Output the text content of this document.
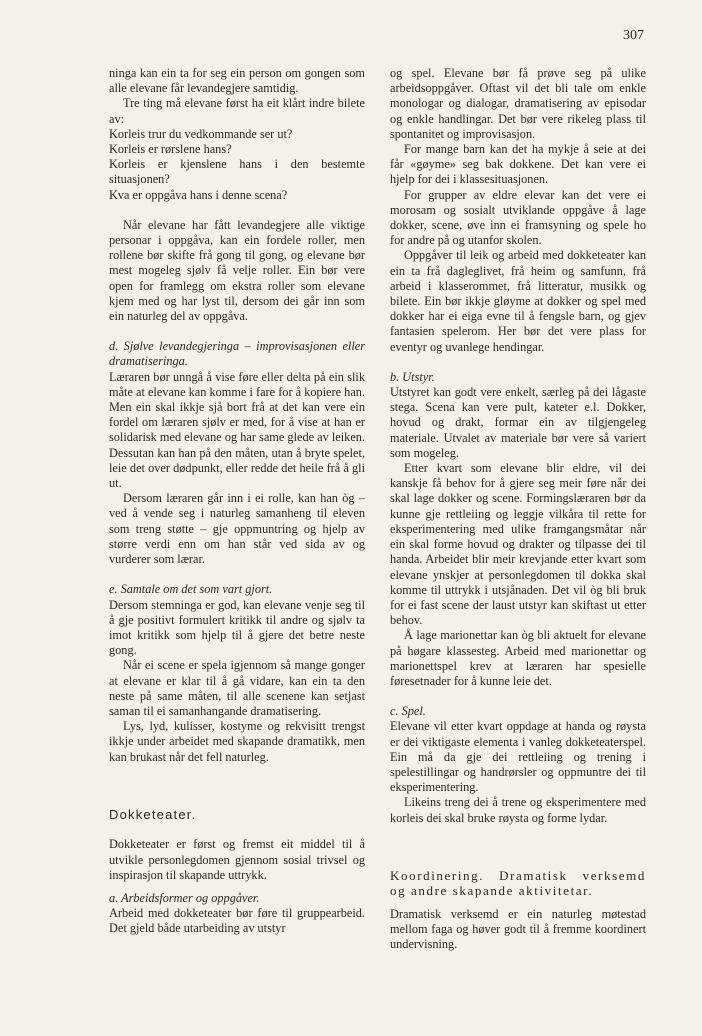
307

ninga kan ein ta for seg ein person om gongen som alle elevane får levandegjere samtidig.

Tre ting må elevane først ha eit klårt indre bilete av:

Korleis trur du vedkommande ser ut?

Korleis er rørslene hans?

Korleis er kjenslene hans i den bestemte situasjonen?

Kva er oppgåva hans i denne scena?

Når elevane har fått levandegjere alle viktige personar i oppgåva, kan ein fordele roller, men rollene bør skifte frå gong til gong, og elevane bør mest mogeleg sjølv få velje roller. Ein bør vere open for framlegg om ekstra roller som elevane kjem med og har lyst til, dersom dei går inn som ein naturleg del av oppgåva.

d. Sjølve levandegjeringa – improvisasjonen eller dramatiseringa.

Læraren bør unngå å vise føre eller delta på ein slik måte at elevane kan komme i fare for å kopiere han. Men ein skal ikkje sjå bort frå at det kan vere ein fordel om læraren sjølv er med, for å vise at han er solidarisk med elevane og har same glede av leiken. Dessutan kan han på den måten, utan å bryte spelet, leie det over dødpunkt, eller redde det heile frå å gli ut.

Dersom læraren går inn i ei rolle, kan han òg – ved å vende seg i naturleg samanheng til eleven som treng støtte – gje oppmuntring og hjelp av større verdi enn om han står ved sida av og vurderer som lærar.

e. Samtale om det som vart gjort.

Dersom stemninga er god, kan elevane venje seg til å gje positivt formulert kritikk til andre og sjølv ta imot kritikk som hjelp til å gjere det betre neste gong.

Når ei scene er spela igjennom så mange gonger at elevane er klar til å gå vidare, kan ein ta den neste på same måten, til alle scenene kan setjast saman til ei samanhangande dramatisering.

Lys, lyd, kulisser, kostyme og rekvisitt trengst ikkje under arbeidet med skapande dramatikk, men kan brukast når det fell naturleg.

Dokketeater.

Dokketeater er først og fremst eit middel til å utvikle personlegdomen gjennom sosial trivsel og inspirasjon til skapande uttrykk.

a. Arbeidsformer og oppgåver.

Arbeid med dokketeater bør føre til gruppearbeid. Det gjeld både utarbeiding av utstyr

og spel. Elevane bør få prøve seg på ulike arbeidsoppgåver. Oftast vil det bli tale om enkle monologar og dialogar, dramatisering av episodar og enkle handlingar. Det bør vere rikeleg plass til spontanitet og improvisasjon.

For mange barn kan det ha mykje å seie at dei får «gøyme» seg bak dokkene. Det kan vere ei hjelp for dei i klassesituasjonen.

For grupper av eldre elevar kan det vere ei morosam og sosialt utviklande oppgåve å lage dokker, scene, øve inn ei framsyning og spele ho for andre på og utanfor skolen.

Oppgåver til leik og arbeid med dokketeater kan ein ta frå dagleglivet, frå heim og samfunn, frå arbeid i klasserommet, frå litteratur, musikk og bilete. Ein bør ikkje gløyme at dokker og spel med dokker har ei eiga evne til å fengsle barn, og gjev fantasien spelerom. Her bør det vere plass for eventyr og uvanlege hendingar.

b. Utstyr.

Utstyret kan godt vere enkelt, særleg på dei lågaste stega. Scena kan vere pult, kateter e.l. Dokker, hovud og drakt, formar ein av tilgjengeleg materiale. Utvalet av materiale bør vere så variert som mogeleg.

Etter kvart som elevane blir eldre, vil dei kanskje få behov for å gjere seg meir føre når dei skal lage dokker og scene. Formingslæraren bør da kunne gje rettleiing og leggje vilkåra til rette for eksperimentering med ulike framgangsmåtar når ein skal forme hovud og drakter og tilpasse dei til handa. Arbeidet blir meir krevjande etter kvart som elevane ynskjer at personlegdomen til dokka skal komme til uttrykk i utsjånaden. Det vil òg bli bruk for ei fast scene der laust utstyr kan skiftast ut etter behov.

Å lage marionettar kan òg bli aktuelt for elevane på høgare klassesteg. Arbeid med marionettar og marionettspel krev at læraren har spesielle føresetnader for å kunne leie det.

c. Spel.

Elevane vil etter kvart oppdage at handa og røysta er dei viktigaste elementa i vanleg dokketeaterspel. Ein må da gje dei rettleiing og trening i spelestillingar og handrørsler og oppmuntre dei til eksperimentering.

Likeins treng dei å trene og eksperimentere med korleis dei skal bruke røysta og forme lydar.

Koordinering. Dramatisk verksemd og andre skapande aktivitetar.

Dramatisk verksemd er ein naturleg møtestad mellom faga og høver godt til å fremme koordinert undervisning.
